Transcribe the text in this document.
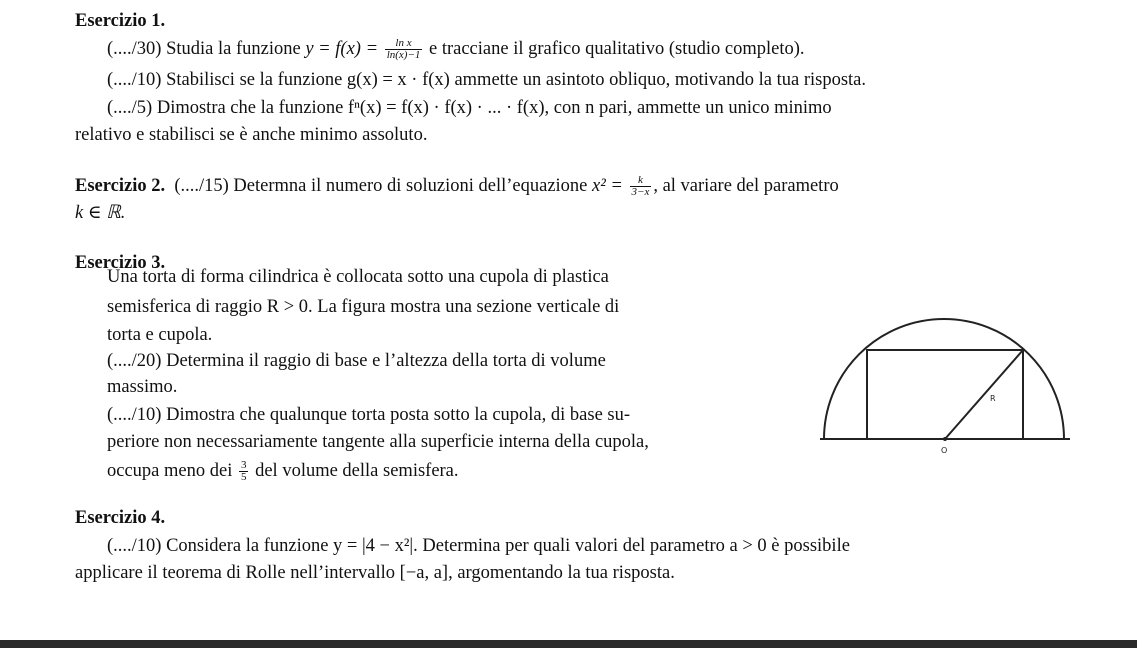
Esercizio 1.
(..../30) Studia la funzione $y = f(x) = \frac{\text{ln x}}{\ln(x)-1}$ e tracciane il grafico qualitativo (studio completo).
(..../10) Stabilisci se la funzione g(x) = x · f(x) ammette un asintoto obliquo, motivando la tua risposta.
(..../5) Dimostra che la funzione fⁿ(x) = f(x) · f(x) · ... · f(x), con n pari, ammette un unico minimo
relativo e stabilisci se è anche minimo assoluto.
Esercizio 2. (..../15) Determna il numero di soluzioni dell’equazione $x^2 = \frac{k}{3-x}$ , al variare del parametro
k ∈ ℝ.
Esercizio 3.
Una torta di forma cilindrica è collocata sotto una cupola di plastica
semisferica di raggio R > 0. La figura mostra una sezione verticale di
torta e cupola.
(..../20) Determina il raggio di base e l’altezza della torta di volume
massimo.
(..../10) Dimostra che qualunque torta posta sotto la cupola, di base su-
periore non necessariamente tangente alla superficie interna della cupola,
occupa meno dei $\frac{3}{5}$ del volume della semisfera.
R
O
Esercizio 4.
(..../10) Considera la funzione y = |4 − x²|. Determina per quali valori del parametro a > 0 è possibile
applicare il teorema di Rolle nell’intervallo [−a, a], argomentando la tua risposta.
